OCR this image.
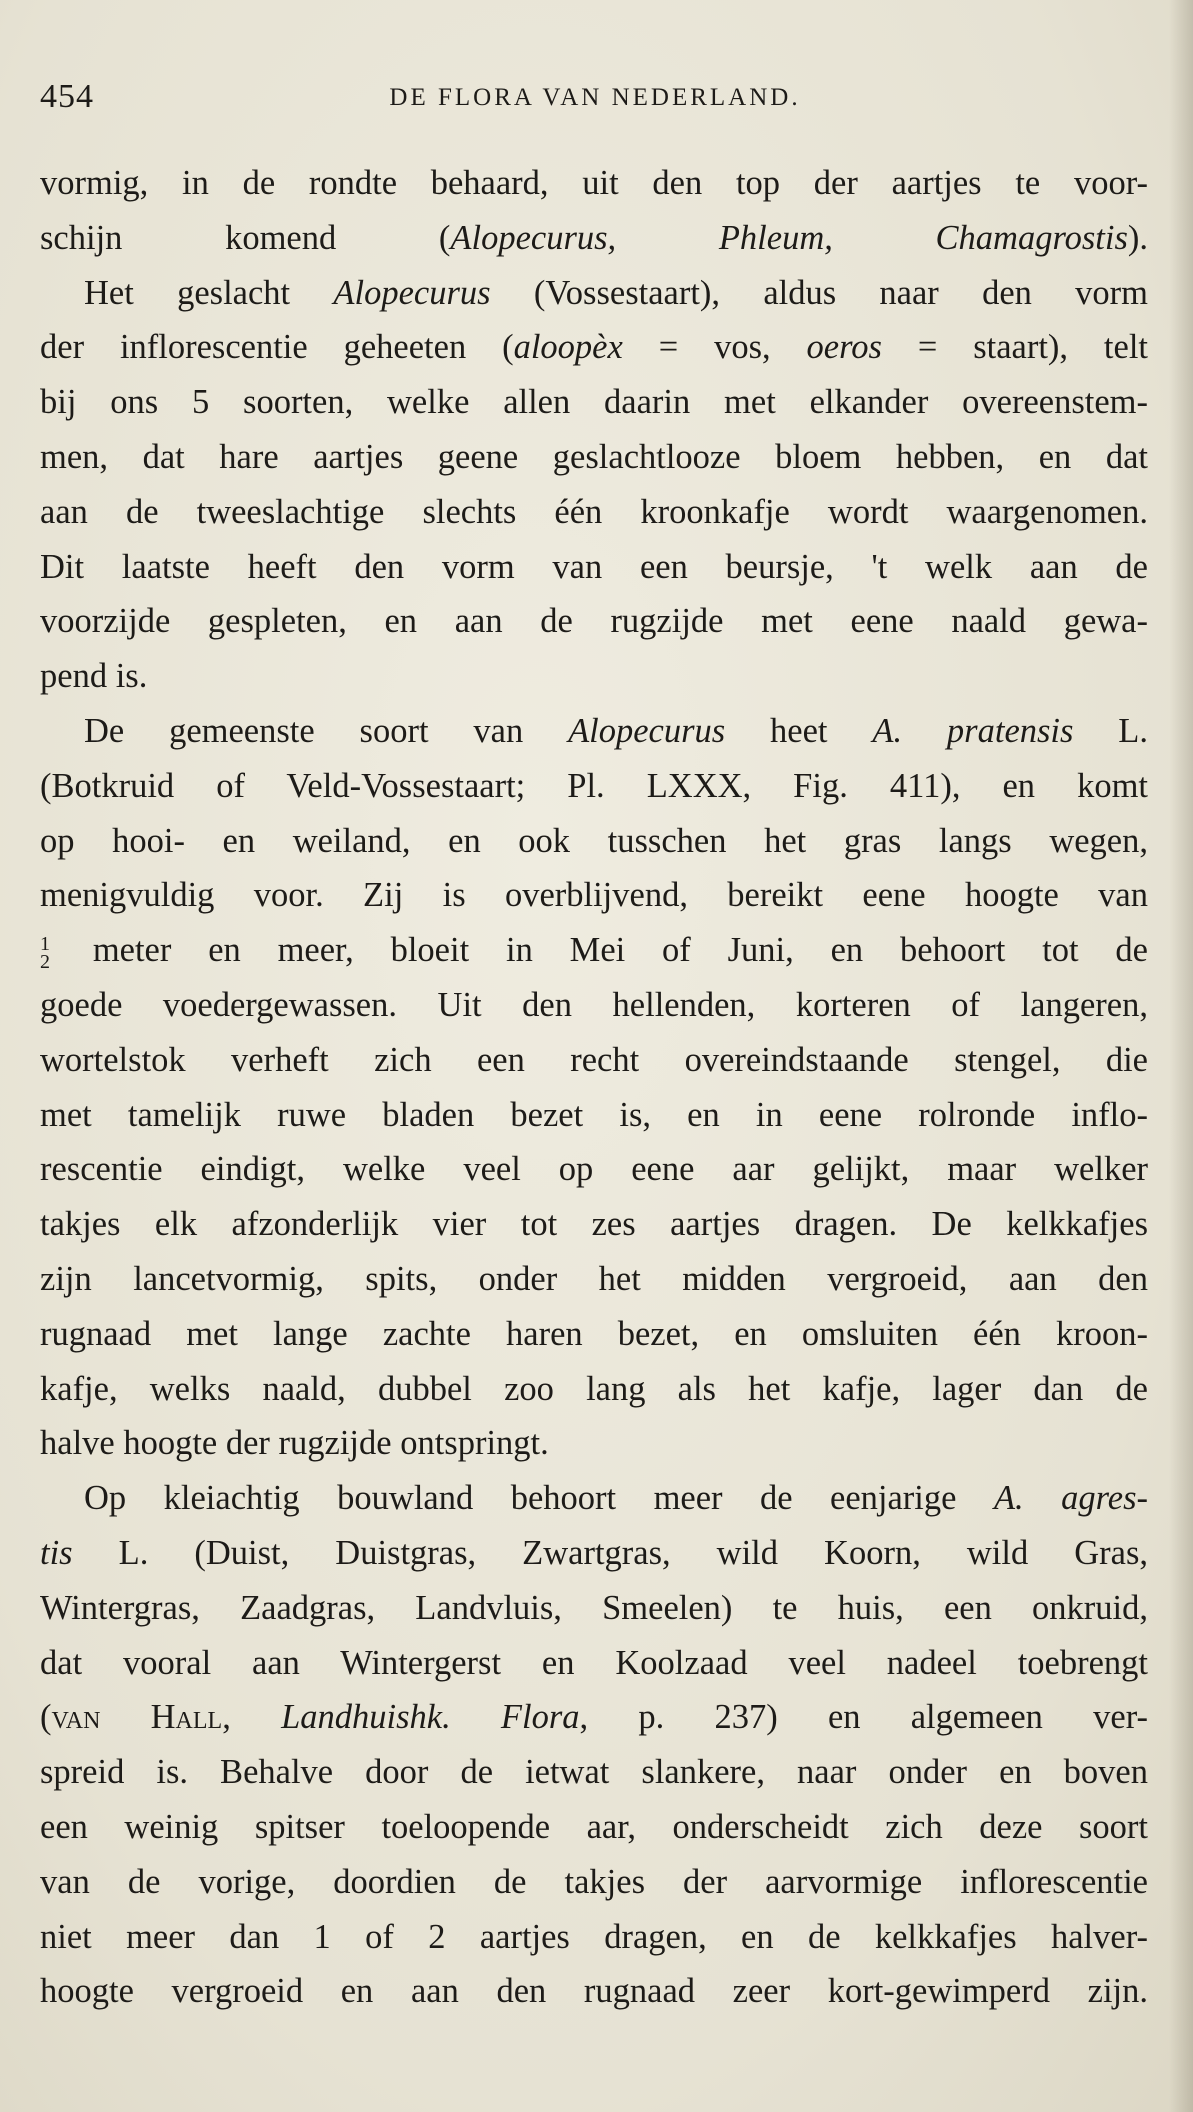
454	DE FLORA VAN NEDERLAND.
vormig, in de rondte behaard, uit den top der aartjes te voor-
schijn komend (Alopecurus, Phleum, Chamagrostis).
Het geslacht Alopecurus (Vossestaart), aldus naar den vorm
der inflorescentie geheeten (aloopèx = vos, oeros = staart), telt
bij ons 5 soorten, welke allen daarin met elkander overeenstem-
men, dat hare aartjes geene geslachtlooze bloem hebben, en dat
aan de tweeslachtige slechts één kroonkafje wordt waargenomen.
Dit laatste heeft den vorm van een beursje, 't welk aan de
voorzijde gespleten, en aan de rugzijde met eene naald gewa-
pend is.
De gemeenste soort van Alopecurus heet A. pratensis L.
(Botkruid of Veld-Vossestaart; Pl. LXXX, Fig. 411), en komt
op hooi- en weiland, en ook tusschen het gras langs wegen,
menigvuldig voor. Zij is overblijvend, bereikt eene hoogte van
1
2 meter en meer, bloeit in Mei of Juni, en behoort tot de
goede voedergewassen. Uit den hellenden, korteren of langeren,
wortelstok verheft zich een recht overeindstaande stengel, die
met tamelijk ruwe bladen bezet is, en in eene rolronde inflo-
rescentie eindigt, welke veel op eene aar gelijkt, maar welker
takjes elk afzonderlijk vier tot zes aartjes dragen. De kelkkafjes
zijn lancetvormig, spits, onder het midden vergroeid, aan den
rugnaad met lange zachte haren bezet, en omsluiten één kroon-
kafje, welks naald, dubbel zoo lang als het kafje, lager dan de
halve hoogte der rugzijde ontspringt.
Op kleiachtig bouwland behoort meer de eenjarige A. agres-
tis L. (Duist, Duistgras, Zwartgras, wild Koorn, wild Gras,
Wintergras, Zaadgras, Landvluis, Smeelen) te huis, een onkruid,
dat vooral aan Wintergerst en Koolzaad veel nadeel toebrengt
(van Hall, Landhuishk. Flora, p. 237) en algemeen ver-
spreid is. Behalve door de ietwat slankere, naar onder en boven
een weinig spitser toeloopende aar, onderscheidt zich deze soort
van de vorige, doordien de takjes der aarvormige inflorescentie
niet meer dan 1 of 2 aartjes dragen, en de kelkkafjes halver-
hoogte vergroeid en aan den rugnaad zeer kort-gewimperd zijn.
